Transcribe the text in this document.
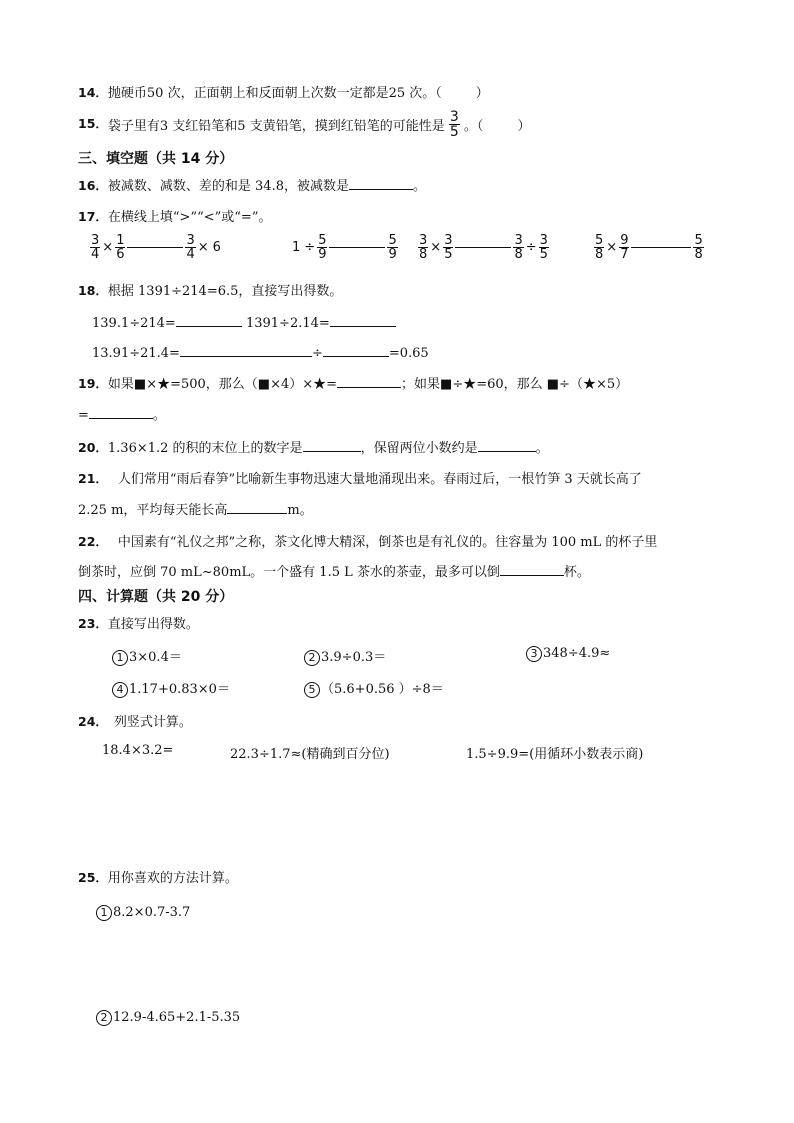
14．抛硬币50 次，正面朝上和反面朝上次数一定都是25 次。（	）
15．袋子里有3 支红铅笔和5 支黄铅笔，摸到红铅笔的可能性是 $\frac{3}{5}$ 。（	）
三、填空题（共 14 分）
16．被减数、减数、差的和是 34.8，被减数是	。
17．在横线上填“>”“<”或“=”。
$\frac{3}{4} \times \frac{1}{6}$	$\frac{3}{4} \times 6$	$1 \div \frac{5}{9}$	$\frac{5}{9} \frac{3}{8} \times \frac{3}{5}$	$\frac{3}{8} \div \frac{3}{5}$	$\frac{5}{8} \times \frac{9}{7}$	$\frac{5}{8}$
18．根据 1391÷214=6.5，直接写出得数。
139.1÷214=	1391÷2.14=
13.91÷21.4=	÷	=0.65
19．如果■×★=500，那么（■×4）×★=	；如果■÷★=60，那么 ■÷（★×5）
=	。
20．1.36×1.2 的积的末位上的数字是	，保留两位小数约是	。
21． 人们常用“雨后春笋”比喻新生事物迅速大量地涌现出来。春雨过后，一根竹笋 3 天就长高了
2.25 m，平均每天能长高	m。
22． 中国素有“礼仪之邦”之称，茶文化博大精深，倒茶也是有礼仪的。往容量为 100 mL 的杯子里
倒茶时，应倒 70 mL~80mL。一个盛有 1.5 L 茶水的茶壶，最多可以倒	杯。
四、计算题（共 20 分）
23．直接写出得数。
1 3×0.4＝	2 3.9÷0.3＝	3 348÷4.9≈
4 1.17+0.83×0＝	5 （5.6+0.56 ）÷8＝
24． 列竖式计算。
18.4×3.2=	22.3÷1.7≈(精确到百分位)	1.5÷9.9=(用循环小数表示商)
25．用你喜欢的方法计算。
1 8.2×0.7-3.7
2 12.9-4.65+2.1-5.35
